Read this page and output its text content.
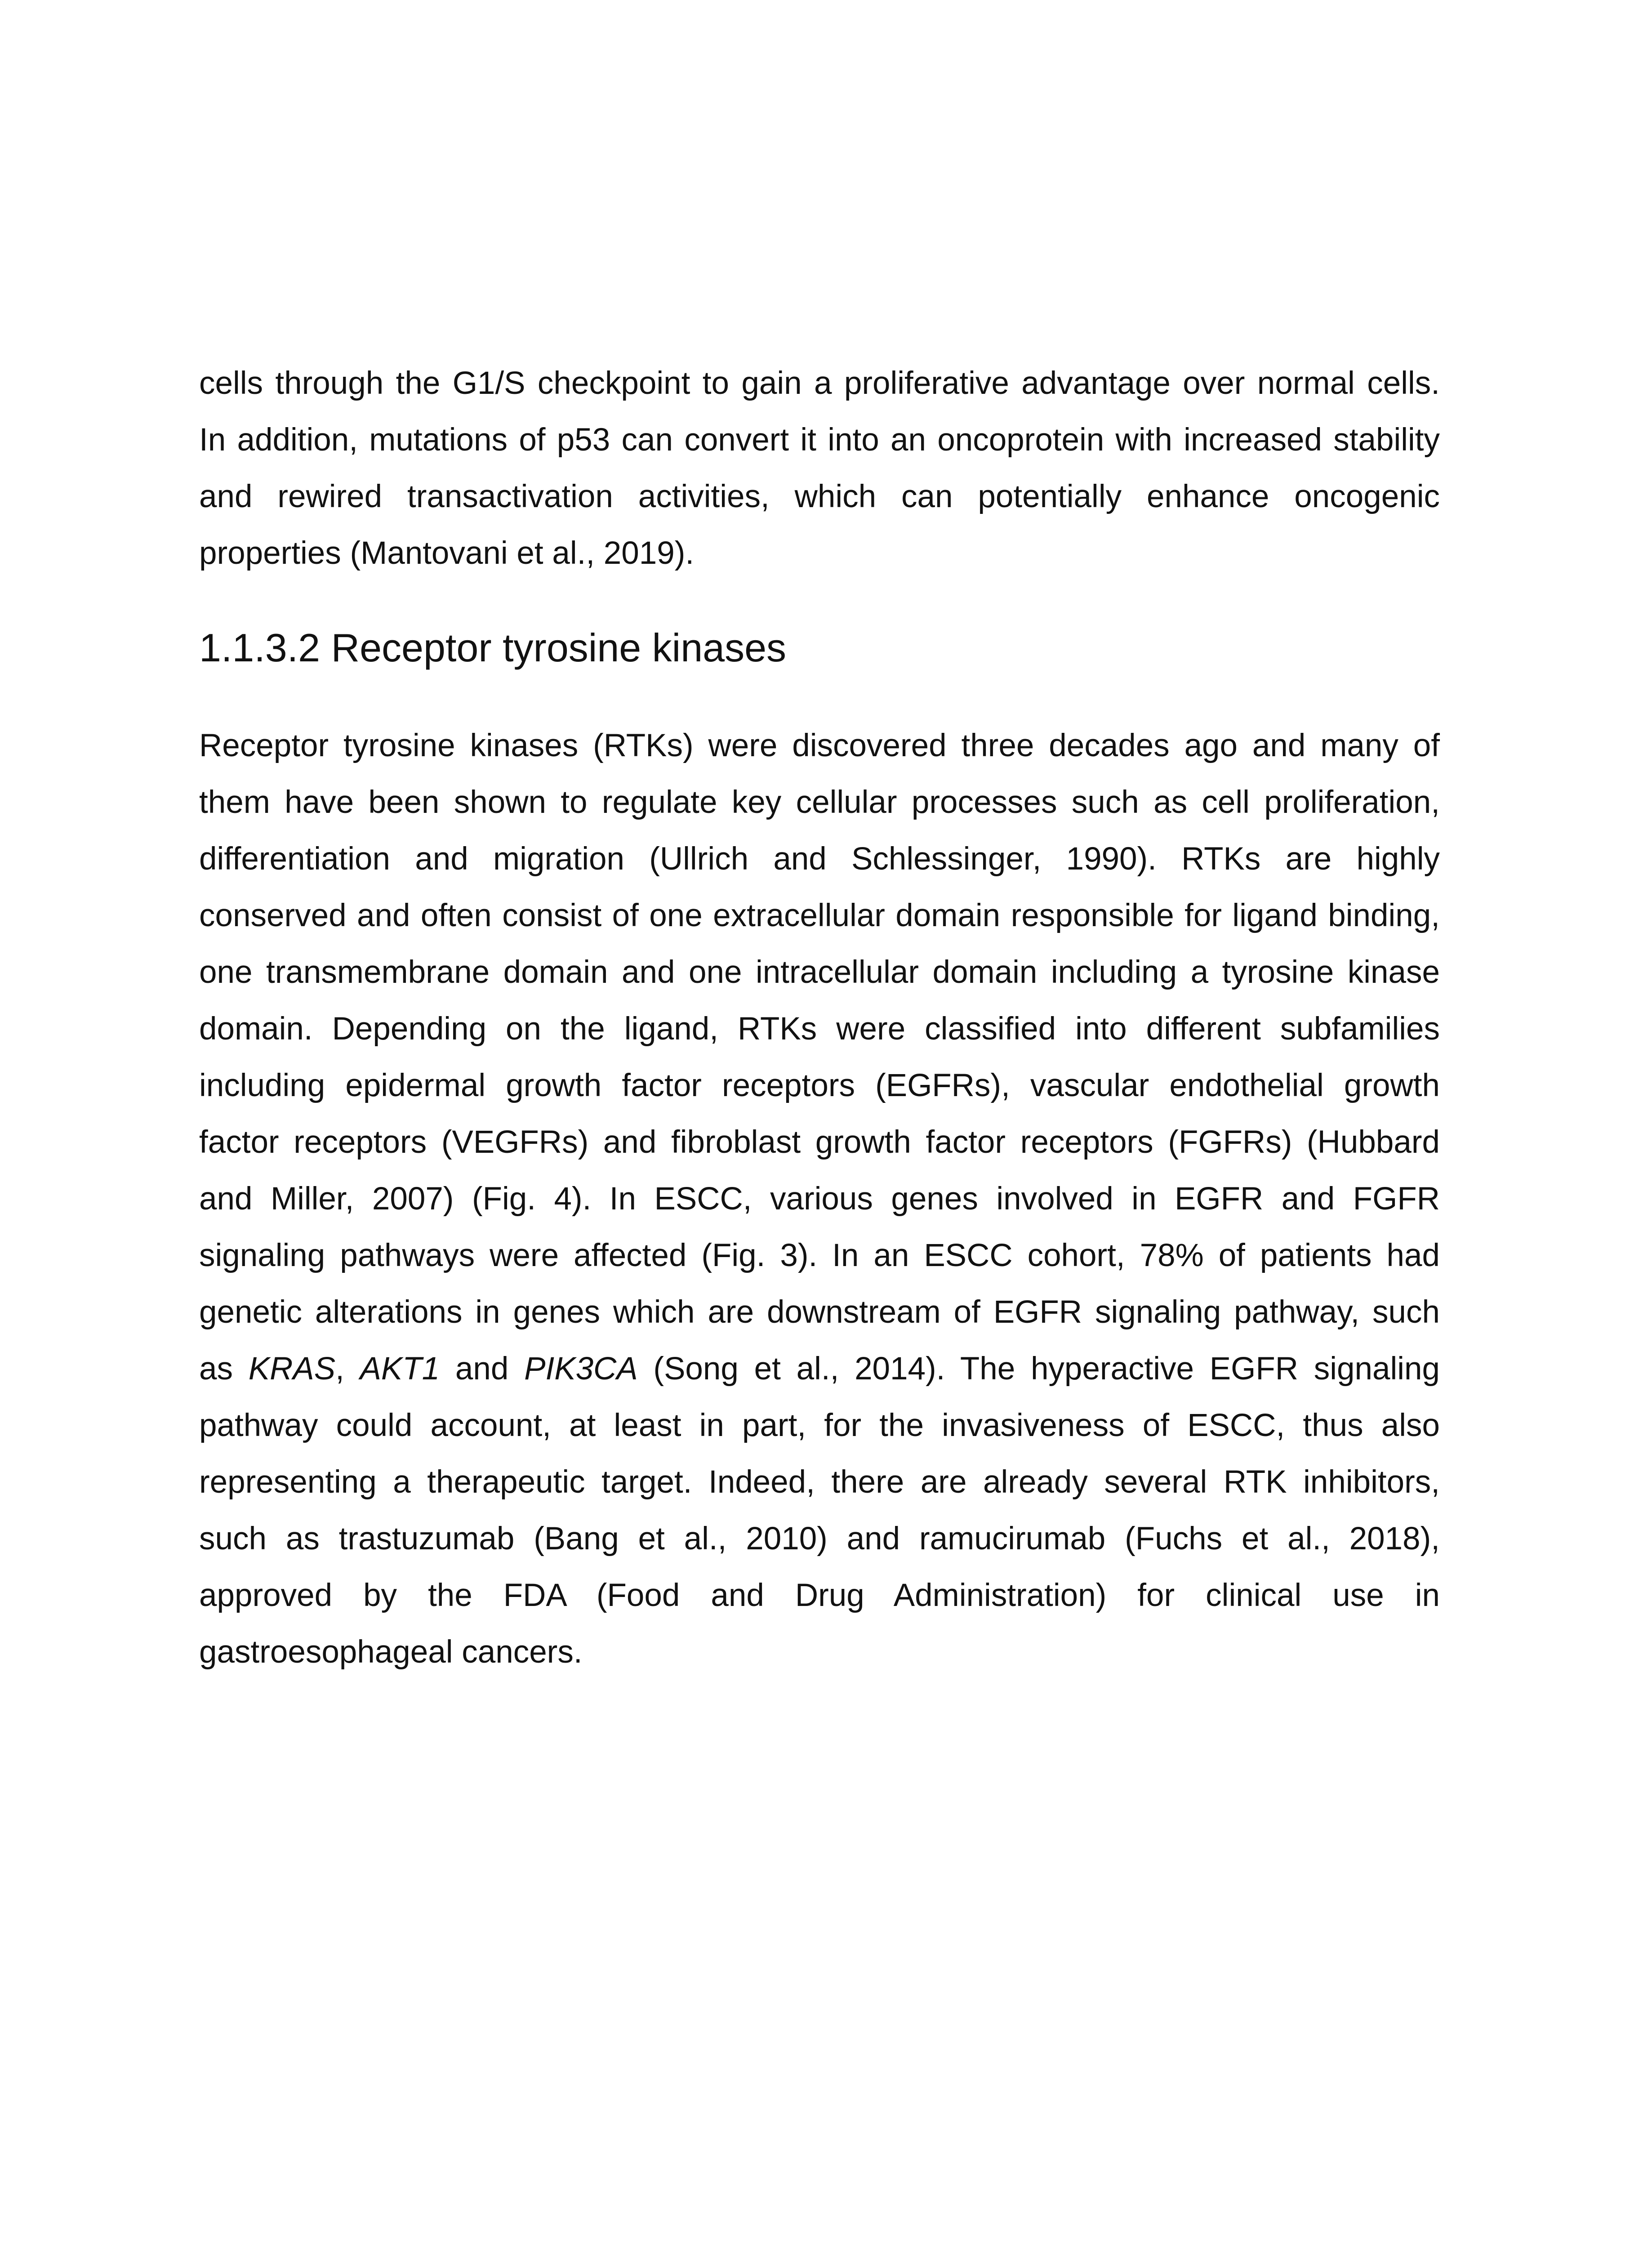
cells through the G1/S checkpoint to gain a proliferative advantage over normal cells.
In addition, mutations of p53 can convert it into an oncoprotein with increased stability
and rewired transactivation activities, which can potentially enhance oncogenic
properties (Mantovani et al., 2019).
1.1.3.2 Receptor tyrosine kinases
Receptor tyrosine kinases (RTKs) were discovered three decades ago and many of
them have been shown to regulate key cellular processes such as cell proliferation,
differentiation and migration (Ullrich and Schlessinger, 1990). RTKs are highly
conserved and often consist of one extracellular domain responsible for ligand binding,
one transmembrane domain and one intracellular domain including a tyrosine kinase
domain. Depending on the ligand, RTKs were classified into different subfamilies
including epidermal growth factor receptors (EGFRs), vascular endothelial growth
factor receptors (VEGFRs) and fibroblast growth factor receptors (FGFRs) (Hubbard
and Miller, 2007) (Fig. 4). In ESCC, various genes involved in EGFR and FGFR
signaling pathways were affected (Fig. 3). In an ESCC cohort, 78% of patients had
genetic alterations in genes which are downstream of EGFR signaling pathway, such
as KRAS, AKT1 and PIK3CA (Song et al., 2014). The hyperactive EGFR signaling
pathway could account, at least in part, for the invasiveness of ESCC, thus also
representing a therapeutic target. Indeed, there are already several RTK inhibitors,
such as trastuzumab (Bang et al., 2010) and ramucirumab (Fuchs et al., 2018),
approved by the FDA (Food and Drug Administration) for clinical use in
gastroesophageal cancers.
